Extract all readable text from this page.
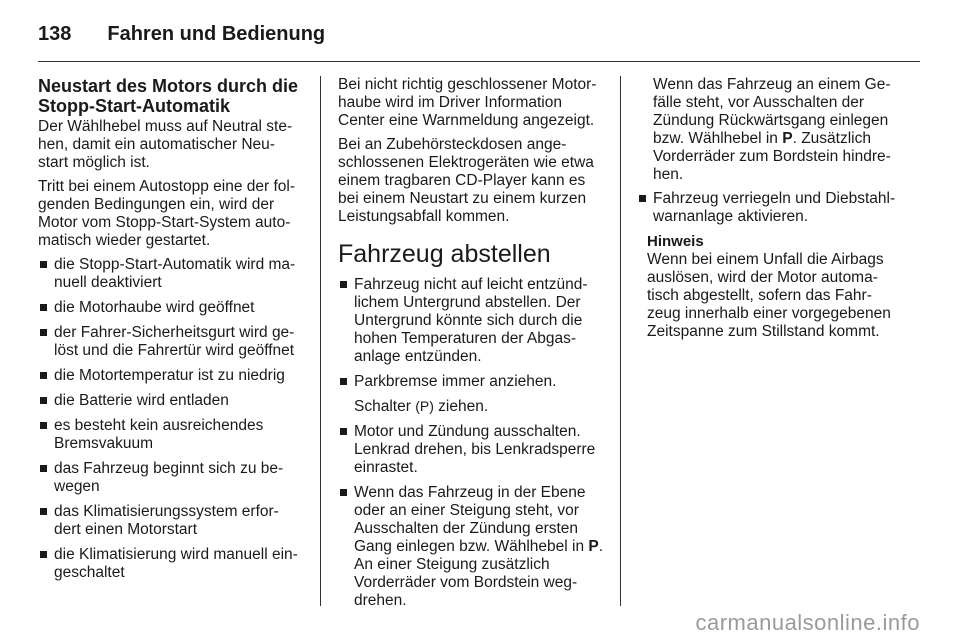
138 Fahren und Bedienung
Neustart des Motors durch die Stopp-Start-Automatik

Der Wählhebel muss auf Neutral ste- hen, damit ein automatischer Neu- start möglich ist.

Tritt bei einem Autostopp eine der fol- genden Bedingungen ein, wird der Motor vom Stopp-Start-System auto- matisch wieder gestartet.

die Stopp-Start-Automatik wird ma- nuell deaktiviert
die Motorhaube wird geöffnet
der Fahrer-Sicherheitsgurt wird ge- löst und die Fahrertür wird geöffnet
die Motortemperatur ist zu niedrig
die Batterie wird entladen
es besteht kein ausreichendes Bremsvakuum
das Fahrzeug beginnt sich zu be- wegen
das Klimatisierungssystem erfor- dert einen Motorstart
die Klimatisierung wird manuell ein- geschaltet

Bei nicht richtig geschlossener Motor- haube wird im Driver Information Center eine Warnmeldung angezeigt.

Bei an Zubehörsteckdosen ange- schlossenen Elektrogeräten wie etwa einem tragbaren CD-Player kann es bei einem Neustart zu einem kurzen Leistungsabfall kommen.

Fahrzeug abstellen
Fahrzeug nicht auf leicht entzünd- lichem Untergrund abstellen. Der Untergrund könnte sich durch die hohen Temperaturen der Abgas- anlage entzünden.
Parkbremse immer anziehen.
Schalter (P) ziehen.
Motor und Zündung ausschalten. Lenkrad drehen, bis Lenkradsperre einrastet.
Wenn das Fahrzeug in der Ebene oder an einer Steigung steht, vor Ausschalten der Zündung ersten Gang einlegen bzw. Wählhebel in P. An einer Steigung zusätzlich Vorderräder vom Bordstein weg- drehen.

Wenn das Fahrzeug an einem Ge- fälle steht, vor Ausschalten der Zündung Rückwärtsgang einlegen bzw. Wählhebel in P. Zusätzlich Vorderräder zum Bordstein hindre- hen.

Fahrzeug verriegeln und Diebstahl- warnanlage aktivieren.
Hinweis
Wenn bei einem Unfall die Airbags auslösen, wird der Motor automa- tisch abgestellt, sofern das Fahr- zeug innerhalb einer vorgegebenen Zeitspanne zum Stillstand kommt.
carmanualsonline.info
